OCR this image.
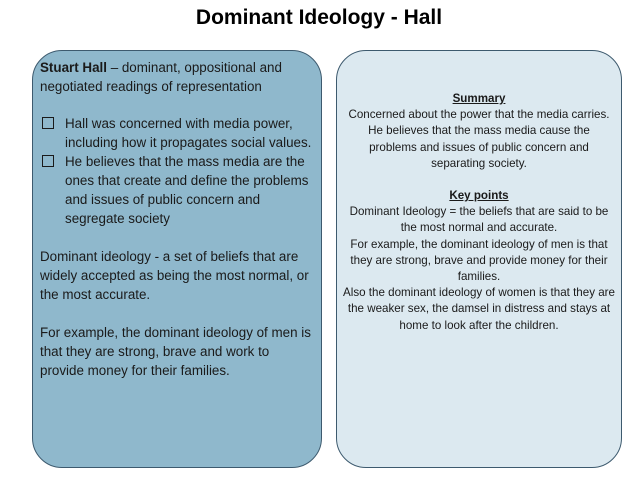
Dominant Ideology - Hall

Stuart Hall – dominant, oppositional and negotiated readings of representation

Hall was concerned with media power, including how it propagates social values.
He believes that the mass media are the ones that create and define the problems and issues of public concern and segregate society

Dominant ideology - a set of beliefs that are widely accepted as being the most normal, or the most accurate.

For example, the dominant ideology of men is that they are strong, brave and work to provide money for their families.

Summary

Concerned about the power that the media carries. He believes that the mass media cause the problems and issues of public concern and separating society.

Key points

Dominant Ideology = the beliefs that are said to be the most normal and accurate.

For example, the dominant ideology of men is that they are strong, brave and provide money for their families.

Also the dominant ideology of women is that they are the weaker sex, the damsel in distress and stays at home to look after the children.
